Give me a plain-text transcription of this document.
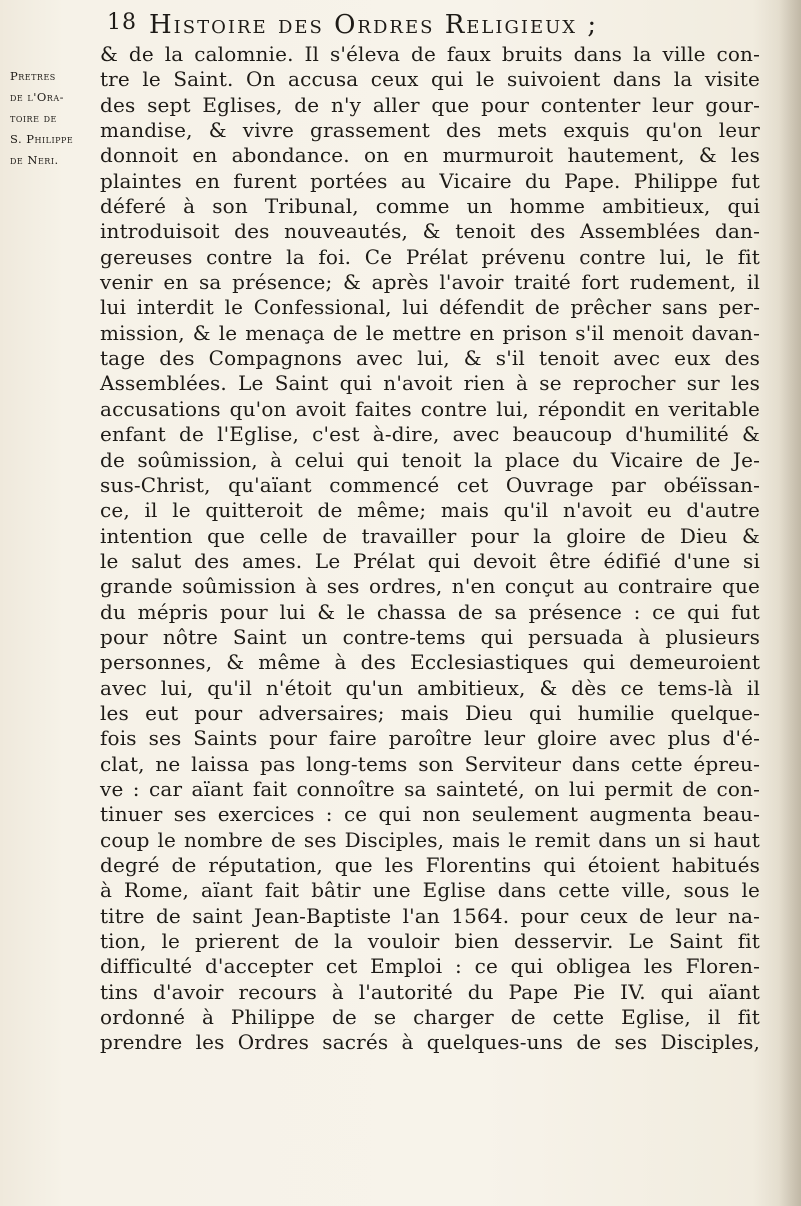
18 Histoire des Ordres Religieux ;
Pretres
de l'Ora-
toire de
S. Philippe
de Neri.
& de la calomnie. Il s'éleva de faux bruits dans la ville con-
tre le Saint. On accusa ceux qui le suivoient dans la visite
des sept Eglises, de n'y aller que pour contenter leur gour-
mandise, & vivre grassement des mets exquis qu'on leur
donnoit en abondance. on en murmuroit hautement, & les
plaintes en furent portées au Vicaire du Pape. Philippe fut
déferé à son Tribunal, comme un homme ambitieux, qui
introduisoit des nouveautés, & tenoit des Assemblées dan-
gereuses contre la foi. Ce Prélat prévenu contre lui, le fit
venir en sa présence; & après l'avoir traité fort rudement, il
lui interdit le Confessional, lui défendit de prêcher sans per-
mission, & le menaça de le mettre en prison s'il menoit davan-
tage des Compagnons avec lui, & s'il tenoit avec eux des
Assemblées. Le Saint qui n'avoit rien à se reprocher sur les
accusations qu'on avoit faites contre lui, répondit en veritable
enfant de l'Eglise, c'est à-dire, avec beaucoup d'humilité &
de soûmission, à celui qui tenoit la place du Vicaire de Je-
sus-Christ, qu'aïant commencé cet Ouvrage par obéïssan-
ce, il le quitteroit de même; mais qu'il n'avoit eu d'autre
intention que celle de travailler pour la gloire de Dieu &
le salut des ames. Le Prélat qui devoit être édifié d'une si
grande soûmission à ses ordres, n'en conçut au contraire que
du mépris pour lui & le chassa de sa présence : ce qui fut
pour nôtre Saint un contre-tems qui persuada à plusieurs
personnes, & même à des Ecclesiastiques qui demeuroient
avec lui, qu'il n'étoit qu'un ambitieux, & dès ce tems-là il
les eut pour adversaires; mais Dieu qui humilie quelque-
fois ses Saints pour faire paroître leur gloire avec plus d'é-
clat, ne laissa pas long-tems son Serviteur dans cette épreu-
ve : car aïant fait connoître sa sainteté, on lui permit de con-
tinuer ses exercices : ce qui non seulement augmenta beau-
coup le nombre de ses Disciples, mais le remit dans un si haut
degré de réputation, que les Florentins qui étoient habitués
à Rome, aïant fait bâtir une Eglise dans cette ville, sous le
titre de saint Jean-Baptiste l'an 1564. pour ceux de leur na-
tion, le prierent de la vouloir bien desservir. Le Saint fit
difficulté d'accepter cet Emploi : ce qui obligea les Floren-
tins d'avoir recours à l'autorité du Pape Pie IV. qui aïant
ordonné à Philippe de se charger de cette Eglise, il fit
prendre les Ordres sacrés à quelques-uns de ses Disciples,
